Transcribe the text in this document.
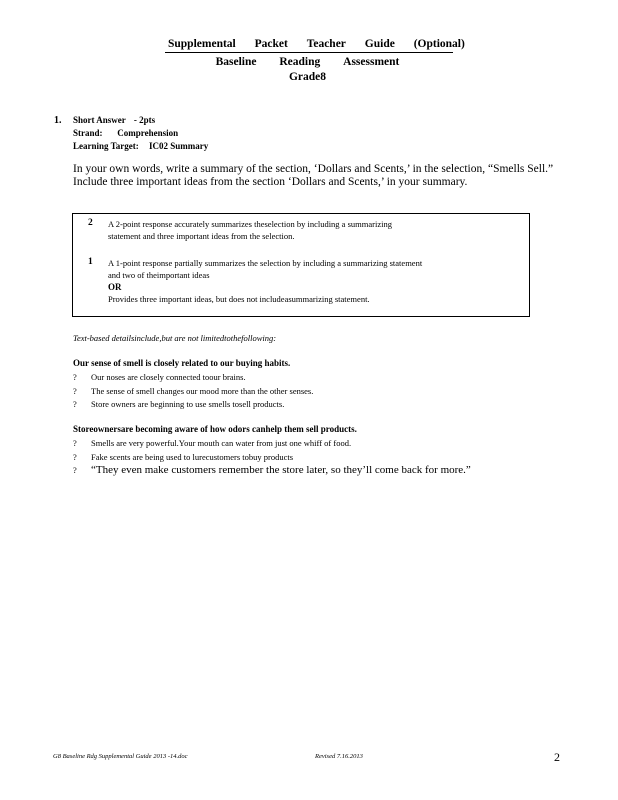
Supplemental Packet Teacher Guide (Optional)
Baseline Reading Assessment
Grade8
1. Short Answer - 2pts
Strand: Comprehension
Learning Target: IC02 Summary
In your own words, write a summary of the section, ‘Dollars and Scents,’ in the selection, “Smells Sell.”
Include three important ideas from the section ‘Dollars and Scents,’ in your summary.
2 A 2-point response accurately summarizes theselection by including a summarizing
statement and three important ideas from the selection.
1 A 1-point response partially summarizes the selection by including a summarizing statement
and two of theimportant ideas
OR
Provides three important ideas, but does not includeasummarizing statement.
Text-based detailsinclude,but are not limitedtothefollowing:
Our sense of smell is closely related to our buying habits.
? Our noses are closely connected toour brains.
? The sense of smell changes our mood more than the other senses.
? Store owners are beginning to use smells tosell products.
Storeownersare becoming aware of how odors canhelp them sell products.
? Smells are very powerful.Your mouth can water from just one whiff of food.
? Fake scents are being used to lurecustomers tobuy products
? “They even make customers remember the store later, so they’ll come back for more.”
G8 Baseline Rdg Supplemental Guide 2013 -14.doc	Revised 7.16.2013	2
